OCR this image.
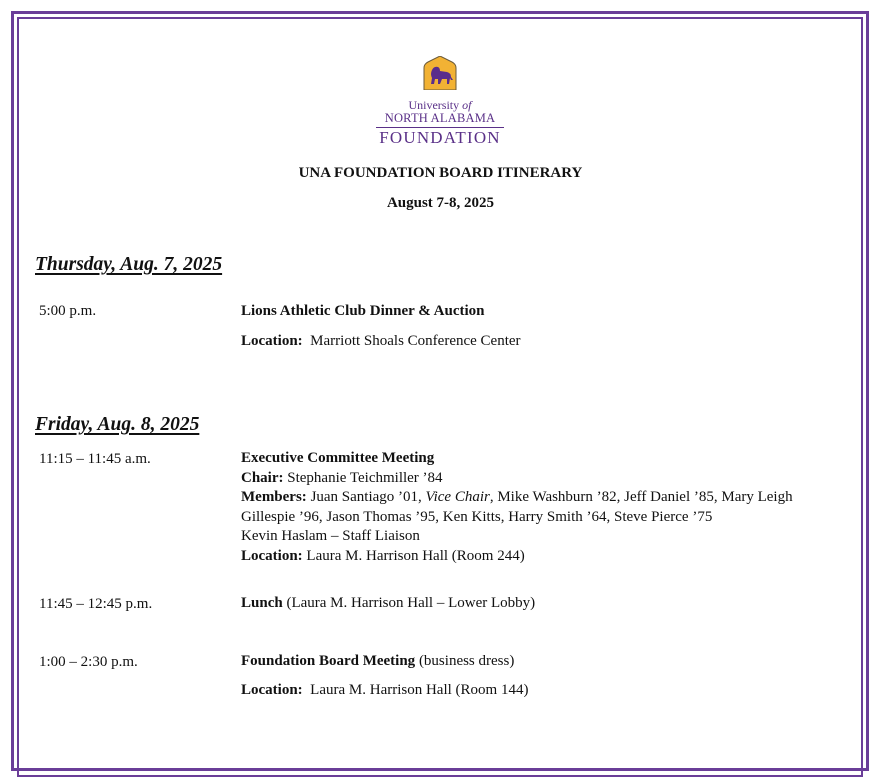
University of
NORTH ALABAMA
FOUNDATION
UNA FOUNDATION BOARD ITINERARY
August 7-8, 2025
Thursday, Aug. 7, 2025
5:00 p.m.	Lions Athletic Club Dinner & Auction
Location:  Marriott Shoals Conference Center
Friday, Aug. 8, 2025
11:15 – 11:45 a.m.	Executive Committee Meeting
Chair: Stephanie Teichmiller ’84
Members: Juan Santiago ’01, Vice Chair, Mike Washburn ’82, Jeff Daniel ’85, Mary Leigh Gillespie ’96, Jason Thomas ’95, Ken Kitts, Harry Smith ’64, Steve Pierce ’75
Kevin Haslam – Staff Liaison
Location: Laura M. Harrison Hall (Room 244)
11:45 – 12:45 p.m.	Lunch (Laura M. Harrison Hall – Lower Lobby)
1:00 – 2:30 p.m.	Foundation Board Meeting (business dress)
Location:  Laura M. Harrison Hall (Room 144)
